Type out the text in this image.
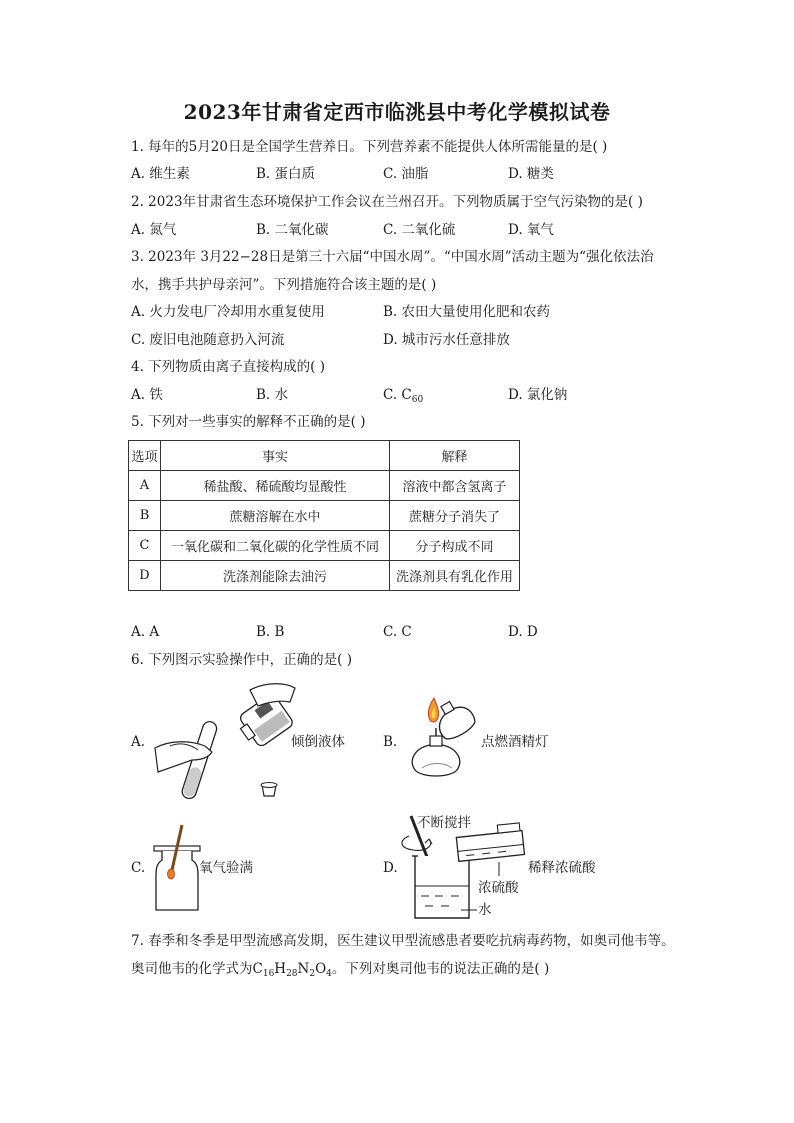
2023年甘肃省定西市临洮县中考化学模拟试卷
1. 每年的5月20日是全国学生营养日。下列营养素不能提供人体所需能量的是( )
A. 维生素	B. 蛋白质	C. 油脂	D. 糖类
2. 2023年甘肃省生态环境保护工作会议在兰州召开。下列物质属于空气污染物的是( )
A. 氮气	B. 二氧化碳	C. 二氧化硫	D. 氧气
3. 2023年 3月22−28日是第三十六届“中国水周”。“中国水周”活动主题为“强化依法治
水，携手共护母亲河”。下列措施符合该主题的是( )
A. 火力发电厂冷却用水重复使用	B. 农田大量使用化肥和农药
C. 废旧电池随意扔入河流	D. 城市污水任意排放
4. 下列物质由离子直接构成的( )
A. 铁	B. 水	C. $C_{60}$	D. 氯化钠
5. 下列对一些事实的解释不正确的是( )
选项	事实	解释
A	稀盐酸、稀硫酸均显酸性	溶液中都含氢离子
B	蔗糖溶解在水中	蔗糖分子消失了
C	一氧化碳和二氧化碳的化学性质不同	分子构成不同
D	洗涤剂能除去油污	洗涤剂具有乳化作用
A. A	B. B	C. C	D. D
6. 下列图示实验操作中，正确的是( )
A.	倾倒液体	B.	点燃酒精灯
C.	氧气验满	D.
不断搅拌
稀释浓硫酸
浓硫酸
水
7. 春季和冬季是甲型流感高发期，医生建议甲型流感患者要吃抗病毒药物，如奥司他韦等。
奥司他韦的化学式为$C_{16}H_{28}N_2O_4$。下列对奥司他韦的说法正确的是( )
